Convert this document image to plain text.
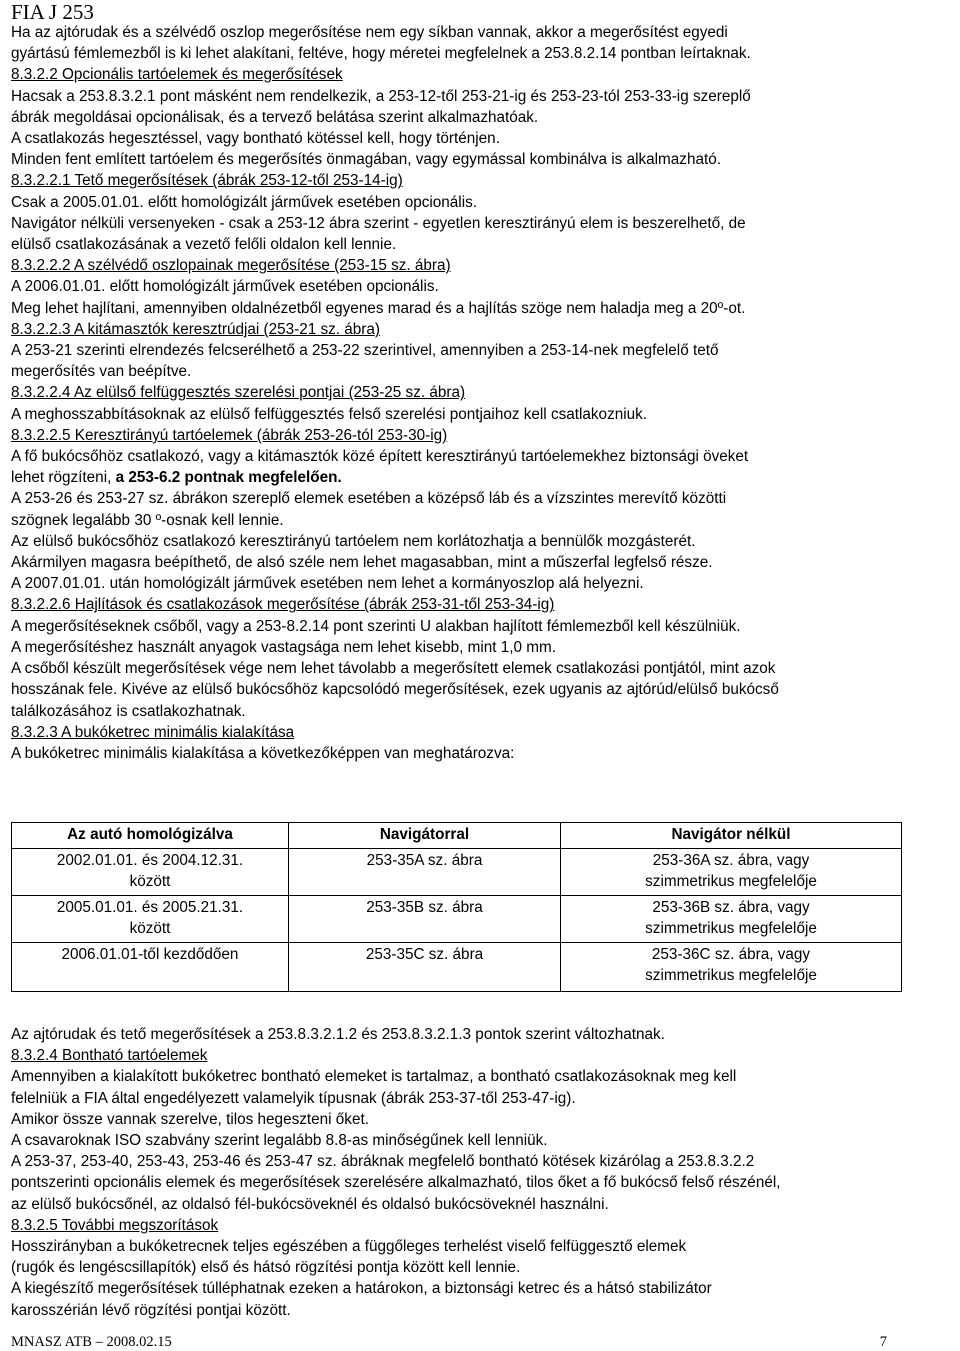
FIA J 253

Ha az ajtórudak és a szélvédő oszlop megerősítése nem egy síkban vannak, akkor a megerősítést egyedi

gyártású fémlemezből is ki lehet alakítani, feltéve, hogy méretei megfelelnek a 253.8.2.14 pontban leírtaknak.

8.3.2.2 Opcionális tartóelemek és megerősítések

Hacsak a 253.8.3.2.1 pont másként nem rendelkezik, a 253-12-től 253-21-ig és 253-23-tól 253-33-ig szereplő

ábrák megoldásai opcionálisak, és a tervező belátása szerint alkalmazhatóak.

A csatlakozás hegesztéssel, vagy bontható kötéssel kell, hogy történjen.

Minden fent említett tartóelem és megerősítés önmagában, vagy egymással kombinálva is alkalmazható.

8.3.2.2.1 Tető megerősítések (ábrák 253-12-től 253-14-ig)

Csak a 2005.01.01. előtt homológizált járművek esetében opcionális.

Navigátor nélküli versenyeken - csak a 253-12 ábra szerint - egyetlen keresztirányú elem is beszerelhető, de

elülső csatlakozásának a vezető felőli oldalon kell lennie.

8.3.2.2.2 A szélvédő oszlopainak megerősítése (253-15 sz. ábra)

A 2006.01.01. előtt homológizált járművek esetében opcionális.

Meg lehet hajlítani, amennyiben oldalnézetből egyenes marad és a hajlítás szöge nem haladja meg a 20º-ot.

8.3.2.2.3 A kitámasztók keresztrúdjai (253-21 sz. ábra)

A 253-21 szerinti elrendezés felcserélhető a 253-22 szerintivel, amennyiben a 253-14-nek megfelelő tető

megerősítés van beépítve.

8.3.2.2.4 Az elülső felfüggesztés szerelési pontjai (253-25 sz. ábra)

A meghosszabbításoknak az elülső felfüggesztés felső szerelési pontjaihoz kell csatlakozniuk.

8.3.2.2.5 Keresztirányú tartóelemek (ábrák 253-26-tól 253-30-ig)

A fő bukócsőhöz csatlakozó, vagy a kitámasztók közé épített keresztirányú tartóelemekhez biztonsági öveket

lehet rögzíteni, a 253-6.2 pontnak megfelelően.

A 253-26 és 253-27 sz. ábrákon szereplő elemek esetében a középső láb és a vízszintes merevítő közötti

szögnek legalább 30 º-osnak kell lennie.

Az elülső bukócsőhöz csatlakozó keresztirányú tartóelem nem korlátozhatja a bennülők mozgásterét.

Akármilyen magasra beépíthető, de alsó széle nem lehet magasabban, mint a műszerfal legfelső része.

A 2007.01.01. után homológizált járművek esetében nem lehet a kormányoszlop alá helyezni.

8.3.2.2.6 Hajlítások és csatlakozások megerősítése (ábrák 253-31-től 253-34-ig)

A megerősítéseknek csőből, vagy a 253-8.2.14 pont szerinti U alakban hajlított fémlemezből kell készülniük.

A megerősítéshez használt anyagok vastagsága nem lehet kisebb, mint 1,0 mm.

A csőből készült megerősítések vége nem lehet távolabb a megerősített elemek csatlakozási pontjától, mint azok

hosszának fele. Kivéve az elülső bukócsőhöz kapcsolódó megerősítések, ezek ugyanis az ajtórúd/elülső bukócső

találkozásához is csatlakozhatnak.

8.3.2.3 A bukóketrec minimális kialakítása

A bukóketrec minimális kialakítása a következőképpen van meghatározva:

Az autó homológizálva	Navigátorral	Navigátor nélkül
2002.01.01. és 2004.12.31.
között	253-35A sz. ábra	253-36A sz. ábra, vagy
szimmetrikus megfelelője
2005.01.01. és 2005.21.31.
között	253-35B sz. ábra	253-36B sz. ábra, vagy
szimmetrikus megfelelője
2006.01.01-től kezdődően	253-35C sz. ábra	253-36C sz. ábra, vagy
szimmetrikus megfelelője

Az ajtórudak és tető megerősítések a 253.8.3.2.1.2 és 253.8.3.2.1.3 pontok szerint változhatnak.

8.3.2.4 Bontható tartóelemek

Amennyiben a kialakított bukóketrec bontható elemeket is tartalmaz, a bontható csatlakozásoknak meg kell

felelniük a FIA által engedélyezett valamelyik típusnak (ábrák 253-37-től 253-47-ig).

Amikor össze vannak szerelve, tilos hegeszteni őket.

A csavaroknak ISO szabvány szerint legalább 8.8-as minőségűnek kell lenniük.

A 253-37, 253-40, 253-43, 253-46 és 253-47 sz. ábráknak megfelelő bontható kötések kizárólag a 253.8.3.2.2

pontszerinti opcionális elemek és megerősítések szerelésére alkalmazható, tilos őket a fő bukócső felső részénél,

az elülső bukócsőnél, az oldalsó fél-bukócsöveknél és oldalsó bukócsöveknél használni.

8.3.2.5 További megszorítások

Hosszirányban a bukóketrecnek teljes egészében a függőleges terhelést viselő felfüggesztő elemek

(rugók és lengéscsillapítók) első és hátsó rögzítési pontja között kell lennie.

A kiegészítő megerősítések túlléphatnak ezeken a határokon, a biztonsági ketrec és a hátsó stabilizátor

karosszérián lévő rögzítési pontjai között.

MNASZ ATB – 2008.02.15	7
